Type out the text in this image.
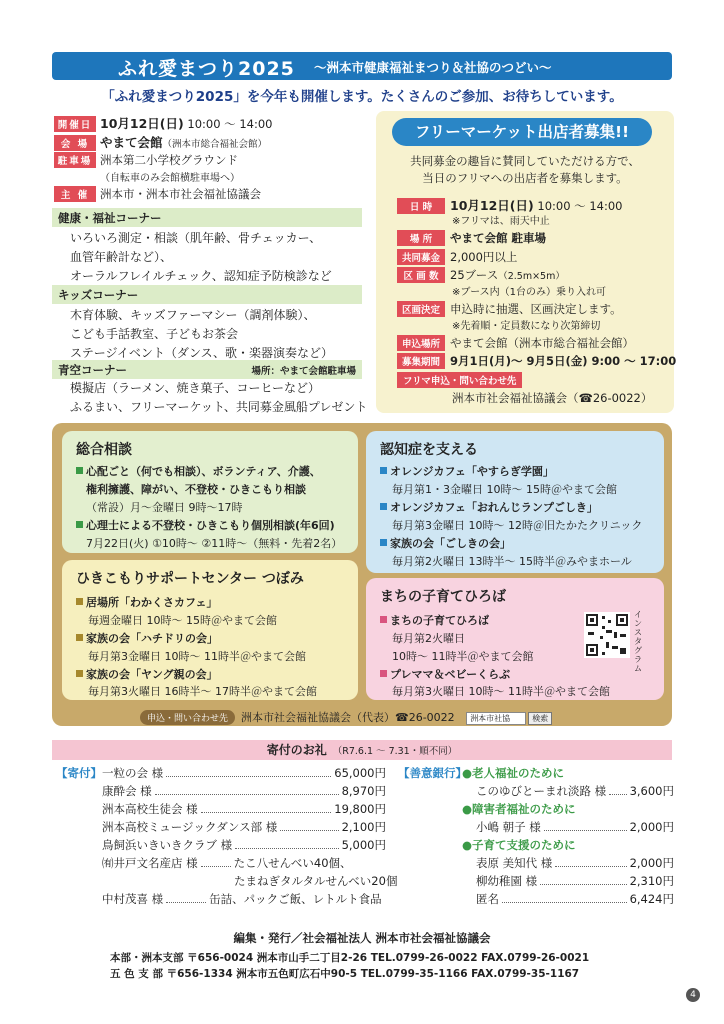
ふれ愛まつり2025 ～洲本市健康福祉まつり＆社協のつどい～
「ふれ愛まつり2025」を今年も開催します。たくさんのご参加、お待ちしています。
開催日 10月12日(日) 10:00 ～ 14:00
会 場 やまて会館（洲本市総合福祉会館）
駐車場 洲本第二小学校グラウンド
（自転車のみ会館横駐車場へ）
主 催 洲本市・洲本市社会福祉協議会
健康・福祉コーナー
いろいろ測定・相談（肌年齢、骨チェッカー、
血管年齢計など）、
オーラルフレイルチェック、認知症予防検診など
キッズコーナー
木育体験、キッズファーマシー（調剤体験）、
こども手話教室、子どもお茶会
ステージイベント（ダンス、歌・楽器演奏など）
青空コーナー	場所：やまて会館駐車場
模擬店（ラーメン、焼き菓子、コーヒーなど）
ふるまい、フリーマーケット、共同募金風船プレゼント
フリーマーケット出店者募集!!
共同募金の趣旨に賛同していただける方で、
当日のフリマへの出店者を募集します。
日 時 10月12日(日) 10:00 ～ 14:00
※フリマは、雨天中止
場 所 やまて会館 駐車場
共同募金 2,000円以上
区 画 数 25ブース（2.5m×5m）
※ブース内（1台のみ）乗り入れ可
区画決定 申込時に抽選、区画決定します。
※先着順・定員数になり次第締切
申込場所 やまて会館（洲本市総合福祉会館）
募集期間 9月1日(月)～ 9月5日(金) 9:00 ～ 17:00
フリマ申込・問い合わせ先
洲本市社会福祉協議会（☎26-0022）
総合相談
心配ごと（何でも相談）、ボランティア、介護、
権利擁護、障がい、不登校・ひきこもり相談
（常設）月～金曜日 9時～17時
心理士による不登校・ひきこもり個別相談(年6回)
7月22日(火) ①10時～ ②11時～（無料・先着2名）
認知症を支える
オレンジカフェ「やすらぎ学園」
毎月第1・3金曜日 10時～ 15時＠やまて会館
オレンジカフェ「おれんじランプごしき」
毎月第3金曜日 10時～ 12時＠旧たかたクリニック
家族の会「ごしきの会」
毎月第2火曜日 13時半～ 15時半＠みやまホール
ひきこもりサポートセンター つぼみ
居場所「わかくさカフェ」
毎週金曜日 10時～ 15時＠やまて会館
家族の会「ハチドリの会」
毎月第3金曜日 10時～ 11時半＠やまて会館
家族の会「ヤング親の会」
毎月第3火曜日 16時半～ 17時半＠やまて会館
まちの子育てひろば
まちの子育てひろば
毎月第2火曜日
10時～ 11時半＠やまて会館
プレママ＆ベビーくらぶ
毎月第3火曜日 10時～ 11時半＠やまて会館
インスタグラム
申込・問い合わせ先 洲本市社会福祉協議会（代表）☎26-0022 洲本市社協	検索
寄付のお礼 （R7.6.1 ～ 7.31・順不同）
【寄付】 一粒の会 様	65,000円
康酔会 様	8,970円
洲本高校生徒会 様	19,800円
洲本高校ミュージックダンス部 様	2,100円
鳥飼浜いきいきクラブ 様	5,000円
㈲井戸文名産店 様	たこ八せんべい40個、
たまねぎタルタルせんべい20個
中村茂喜 様	缶詰、パックご飯、レトルト食品
【善意銀行】
●老人福祉のために
このゆびとーまれ淡路 様 3,600円
●障害者福祉のために
小嶋 朝子 様	2,000円
●子育て支援のために
表原 美知代 様	2,000円
柳幼稚園 様	2,310円
匿名	6,424円
編集・発行／社会福祉法人 洲本市社会福祉協議会
本部・洲本支部 〒656-0024 洲本市山手二丁目2-26 TEL.0799-26-0022 FAX.0799-26-0021
五 色 支 部 〒656-1334 洲本市五色町広石中90-5 TEL.0799-35-1166 FAX.0799-35-1167
4
